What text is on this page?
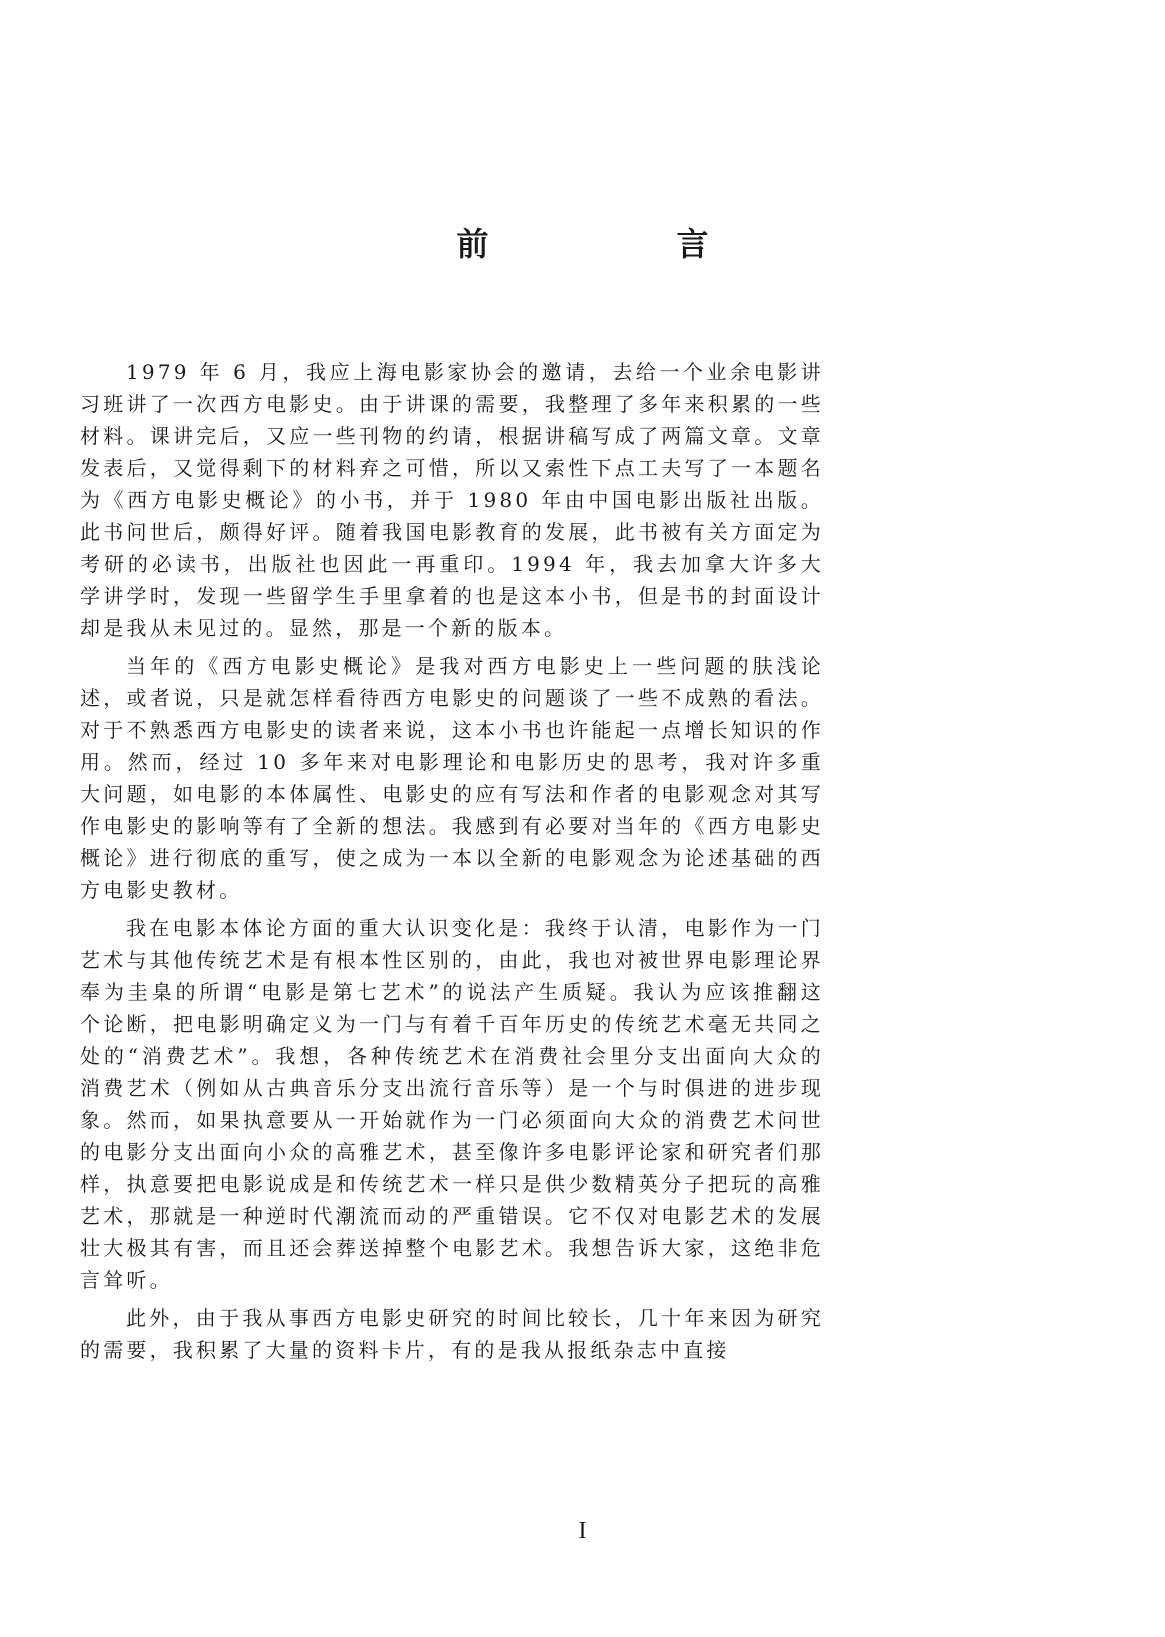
前　言

1979 年 6 月，我应上海电影家协会的邀请，去给一个业余电影讲习班讲了一次西方电影史。由于讲课的需要，我整理了多年来积累的一些材料。课讲完后，又应一些刊物的约请，根据讲稿写成了两篇文章。文章发表后，又觉得剩下的材料弃之可惜，所以又索性下点工夫写了一本题名为《西方电影史概论》的小书，并于 1980 年由中国电影出版社出版。此书问世后，颇得好评。随着我国电影教育的发展，此书被有关方面定为考研的必读书，出版社也因此一再重印。1994 年，我去加拿大许多大学讲学时，发现一些留学生手里拿着的也是这本小书，但是书的封面设计却是我从未见过的。显然，那是一个新的版本。

当年的《西方电影史概论》是我对西方电影史上一些问题的肤浅论述，或者说，只是就怎样看待西方电影史的问题谈了一些不成熟的看法。对于不熟悉西方电影史的读者来说，这本小书也许能起一点增长知识的作用。然而，经过 10 多年来对电影理论和电影历史的思考，我对许多重大问题，如电影的本体属性、电影史的应有写法和作者的电影观念对其写作电影史的影响等有了全新的想法。我感到有必要对当年的《西方电影史概论》进行彻底的重写，使之成为一本以全新的电影观念为论述基础的西方电影史教材。

我在电影本体论方面的重大认识变化是：我终于认清，电影作为一门艺术与其他传统艺术是有根本性区别的，由此，我也对被世界电影理论界奉为圭臬的所谓“电影是第七艺术”的说法产生质疑。我认为应该推翻这个论断，把电影明确定义为一门与有着千百年历史的传统艺术毫无共同之处的“消费艺术”。我想，各种传统艺术在消费社会里分支出面向大众的消费艺术（例如从古典音乐分支出流行音乐等）是一个与时俱进的进步现象。然而，如果执意要从一开始就作为一门必须面向大众的消费艺术问世的电影分支出面向小众的高雅艺术，甚至像许多电影评论家和研究者们那样，执意要把电影说成是和传统艺术一样只是供少数精英分子把玩的高雅艺术，那就是一种逆时代潮流而动的严重错误。它不仅对电影艺术的发展壮大极其有害，而且还会葬送掉整个电影艺术。我想告诉大家，这绝非危言耸听。

此外，由于我从事西方电影史研究的时间比较长，几十年来因为研究的需要，我积累了大量的资料卡片，有的是我从报纸杂志中直接

I
